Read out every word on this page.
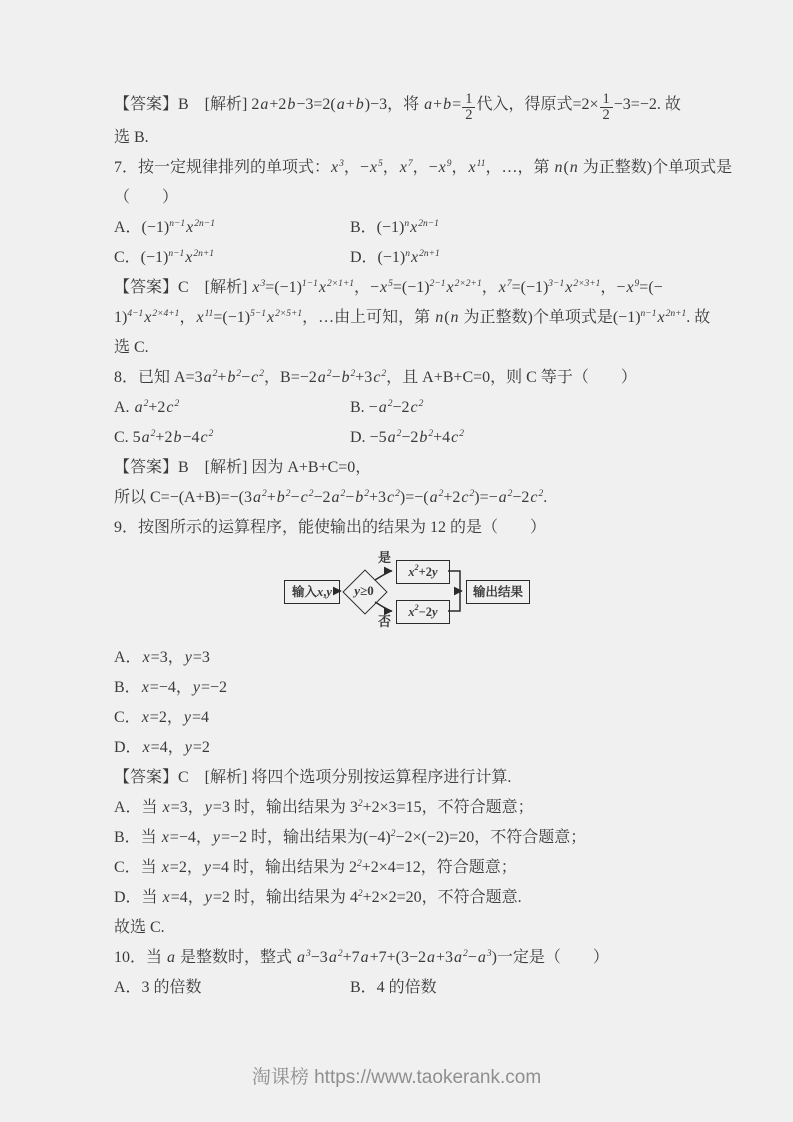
【答案】B　[解析] 2a+2b−3=2(a+b)−3，将 $a+b= \frac{1}{2}$ 代入，得原式$=2\times \frac{1}{2} -3=-2$. 故
选 B.
7．按一定规律排列的单项式：$x^3$，$-x^5$，$x^7$，$-x^9$，$x^{11}$，…，第 n(n 为正整数)个单项式是
（　　）
A．$(-1)^{n-1}x^{2n-1}$	B．$(-1)^nx^{2n-1}$
C．$(-1)^{n-1}x^{2n+1}$	D．$(-1)^nx^{2n+1}$
【答案】C　[解析] $x^3=(-1)^{1-1}x^{2\times 1+1}$，$-x^5=(-1)^{2-1}x^{2\times 2+1}$，$x^7=(-1)^{3-1}x^{2\times 3+1}$，$-x^9=(-$
$1)^{4-1}x^{2\times 4+1}$，$x^{11}=(-1)^{5-1}x^{2\times 5+1}$，…由上可知，第 n(n 为正整数)个单项式是$(-1)^{n-1}x^{2n+1}$. 故
选 C.
8．已知 $A=3a^2+b^2-c^2$，$B=-2a^2-b^2+3c^2$，且 A+B+C=0，则 C 等于（　　）
A. $a^2+2c^2$	B. $-a^2-2c^2$
C. $5a^2+2b-4c^2$	D. $-5a^2-2b^2+4c^2$
【答案】B　[解析] 因为 A+B+C=0，
所以 $C=-(A+B)=-(3a^2+b^2-c^2-2a^2-b^2+3c^2)=-(a^2+2c^2)=-a^2-2c^2$.
9．按图所示的运算程序，能使输出的结果为 12 的是（　　）
输入 x , y	y≥0
是
否
$x^2 +2$ y
$x^2 -2$ y
输出结果
A．x=3，y=3
B．x=−4，y=−2
C．x=2，y=4
D．x=4，y=2
【答案】C　[解析] 将四个选项分别按运算程序进行计算.
A．当 x=3，y=3 时，输出结果为 $3^2+2\times 3=15$，不符合题意；
B．当 x=−4，y=−2 时，输出结果为$(-4)^2-2\times(-2)=20$，不符合题意；
C．当 x=2，y=4 时，输出结果为 $2^2+2\times 4=12$，符合题意；
D．当 x=4，y=2 时，输出结果为 $4^2+2\times 2=20$，不符合题意.
故选 C.
10．当 a 是整数时，整式 $a^3-3a^2+7a+7+(3-2a+3a^2-a^3)$一定是（　　）
A．3 的倍数	B．4 的倍数
淘课榜 https://www.taokerank.com
